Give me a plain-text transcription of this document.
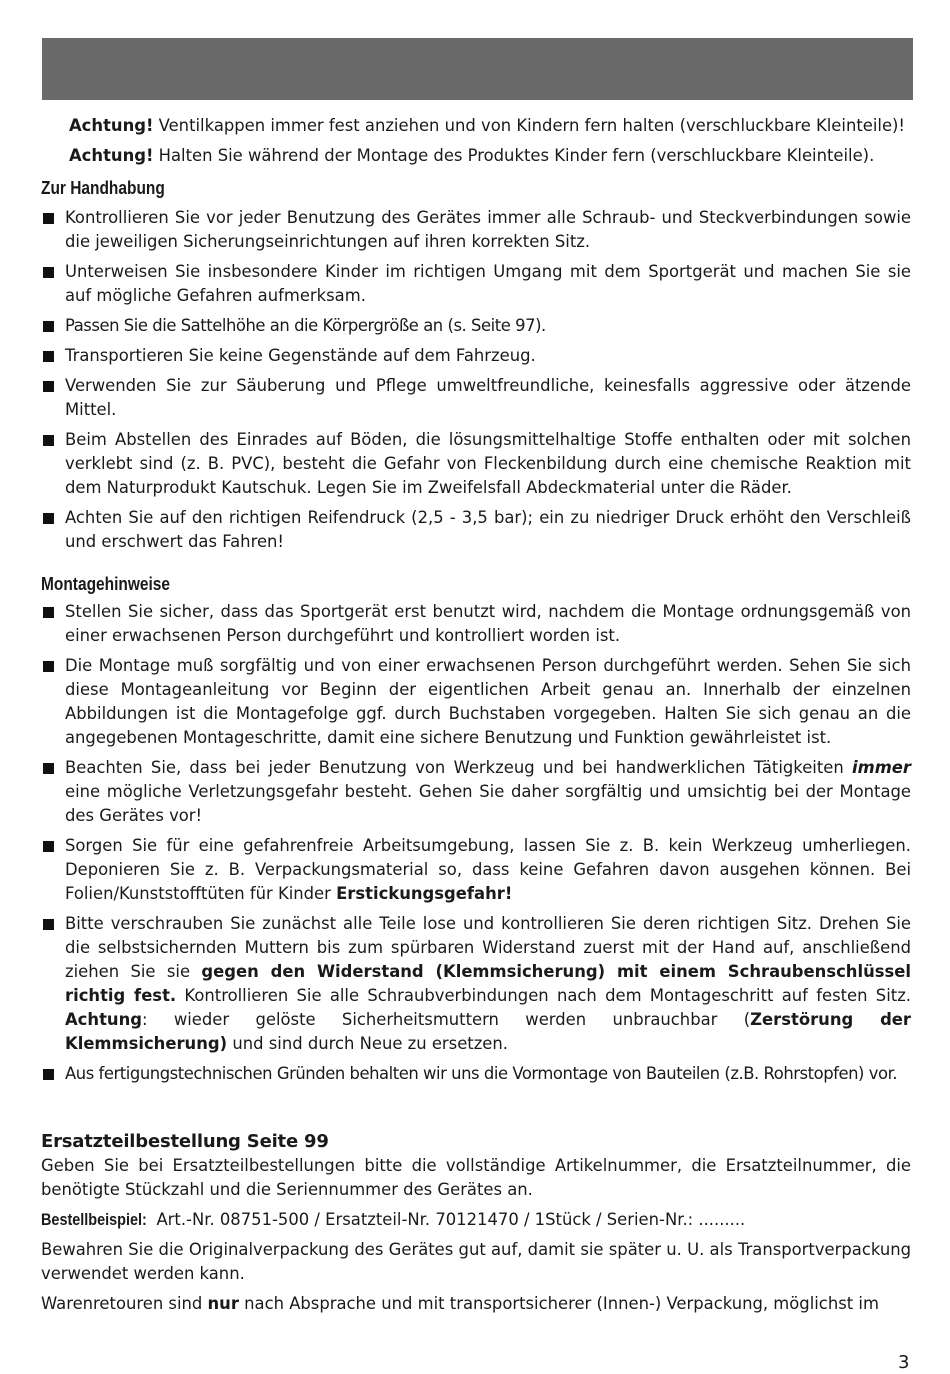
Achtung! Ventilkappen immer fest anziehen und von Kindern fern halten (verschluckbare Kleinteile)!
Achtung! Halten Sie während der Montage des Produktes Kinder fern (verschluckbare Kleinteile).
Zur Handhabung
Kontrollieren Sie vor jeder Benutzung des Gerätes immer alle Schraub- und Steckverbindungen sowie die jeweiligen Sicherungseinrichtungen auf ihren korrekten Sitz.
Unterweisen Sie insbesondere Kinder im richtigen Umgang mit dem Sportgerät und machen Sie sie auf mögliche Gefahren aufmerksam.
Passen Sie die Sattelhöhe an die Körpergröße an (s. Seite 97).
Transportieren Sie keine Gegenstände auf dem Fahrzeug.
Verwenden Sie zur Säuberung und Pflege umweltfreundliche, keinesfalls aggressive oder ätzende Mittel.
Beim Abstellen des Einrades auf Böden, die lösungsmittelhaltige Stoffe enthalten oder mit solchen verklebt sind (z. B. PVC), besteht die Gefahr von Fleckenbildung durch eine chemische Reaktion mit dem Naturprodukt Kautschuk. Legen Sie im Zweifelsfall Abdeckmaterial unter die Räder.
Achten Sie auf den richtigen Reifendruck (2,5 - 3,5 bar); ein zu niedriger Druck erhöht den Verschleiß und erschwert das Fahren!
Montagehinweise
Stellen Sie sicher, dass das Sportgerät erst benutzt wird, nachdem die Montage ordnungsgemäß von einer erwachsenen Person durchgeführt und kontrolliert worden ist.
Die Montage muß sorgfältig und von einer erwachsenen Person durchgeführt werden. Sehen Sie sich diese Montageanleitung vor Beginn der eigentlichen Arbeit genau an. Innerhalb der einzelnen Abbildungen ist die Montagefolge ggf. durch Buchstaben vorgegeben. Halten Sie sich genau an die angegebenen Montageschritte, damit eine sichere Benutzung und Funktion gewährleistet ist.
Beachten Sie, dass bei jeder Benutzung von Werkzeug und bei handwerklichen Tätigkeiten immer eine mögliche Verletzungsgefahr besteht. Gehen Sie daher sorgfältig und umsichtig bei der Montage des Gerätes vor!
Sorgen Sie für eine gefahrenfreie Arbeitsumgebung, lassen Sie z. B. kein Werkzeug umherliegen. Deponieren Sie z. B. Verpackungsmaterial so, dass keine Gefahren davon ausgehen können. Bei Folien/Kunststofftüten für Kinder Erstickungsgefahr!
Bitte verschrauben Sie zunächst alle Teile lose und kontrollieren Sie deren richtigen Sitz. Drehen Sie die selbstsichernden Muttern bis zum spürbaren Widerstand zuerst mit der Hand auf, anschließend ziehen Sie sie gegen den Widerstand (Klemmsicherung) mit einem Schraubenschlüssel richtig fest. Kontrollieren Sie alle Schraubverbindungen nach dem Montageschritt auf festen Sitz. Achtung: wieder gelöste Sicherheitsmuttern werden unbrauchbar (Zerstörung der Klemmsicherung) und sind durch Neue zu ersetzen.
Aus fertigungstechnischen Gründen behalten wir uns die Vormontage von Bauteilen (z.B. Rohrstopfen) vor.
Ersatzteilbestellung Seite 99

Geben Sie bei Ersatzteilbestellungen bitte die vollständige Artikelnummer, die Ersatzteilnummer, die benötigte Stückzahl und die Seriennummer des Gerätes an.

Bestellbeispiel: Art.-Nr. 08751-500 / Ersatzteil-Nr. 70121470 / 1Stück / Serien-Nr.: .........

Bewahren Sie die Originalverpackung des Gerätes gut auf, damit sie später u. U. als Transportverpackung verwendet werden kann.

Warenretouren sind nur nach Absprache und mit transportsicherer (Innen-) Verpackung, möglichst im

3
